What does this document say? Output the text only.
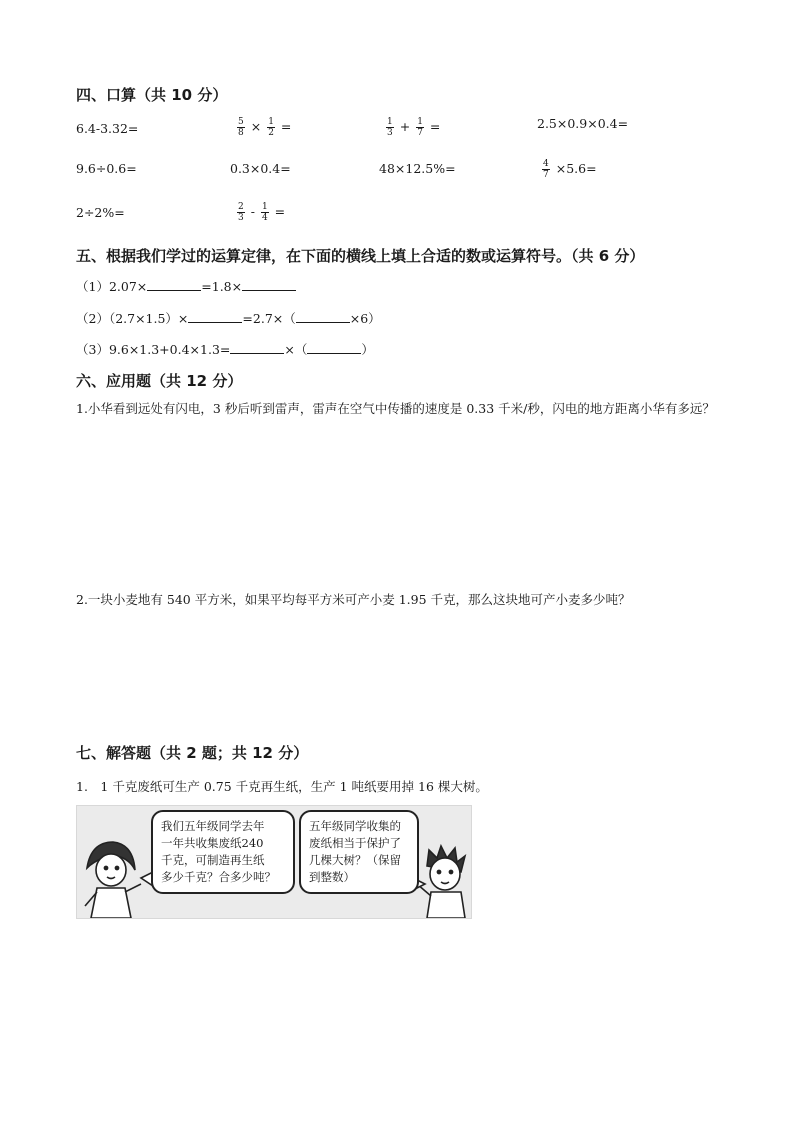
四、口算（共 10 分）
6.4-3.32=	$\frac{5}{8} \times \frac{1}{2}$ =	$\frac{1}{3} + \frac{1}{7}$ =	2.5×0.9×0.4=
9.6÷0.6=	0.3×0.4=	48×12.5%=	$\frac{4}{7} \times 5.6=$
2÷2%=	$\frac{2}{3} - \frac{1}{4}$ =
五、根据我们学过的运算定律，在下面的横线上填上合适的数或运算符号。（共 6 分）
（1）2.07×	=1.8×
（2）（2.7×1.5）×	=2.7×（	×6）
（3）9.6×1.3+0.4×1.3=	×（	）
六、应用题（共 12 分）
1.小华看到远处有闪电，3 秒后听到雷声，雷声在空气中传播的速度是 0.33 千米/秒，闪电的地方距离小华有多远？
2.一块小麦地有 540 平方米，如果平均每平方米可产小麦 1.95 千克，那么这块地可产小麦多少吨？
七、解答题（共 2 题；共 12 分）
1.　1 千克废纸可生产 0.75 千克再生纸，生产 1 吨纸要用掉 16 棵大树。
我们五年级同学去年
一年共收集废纸240
千克，可制造再生纸
多少千克？合多少吨？
五年级同学收集的
废纸相当于保护了
几棵大树？（保留
到整数）
